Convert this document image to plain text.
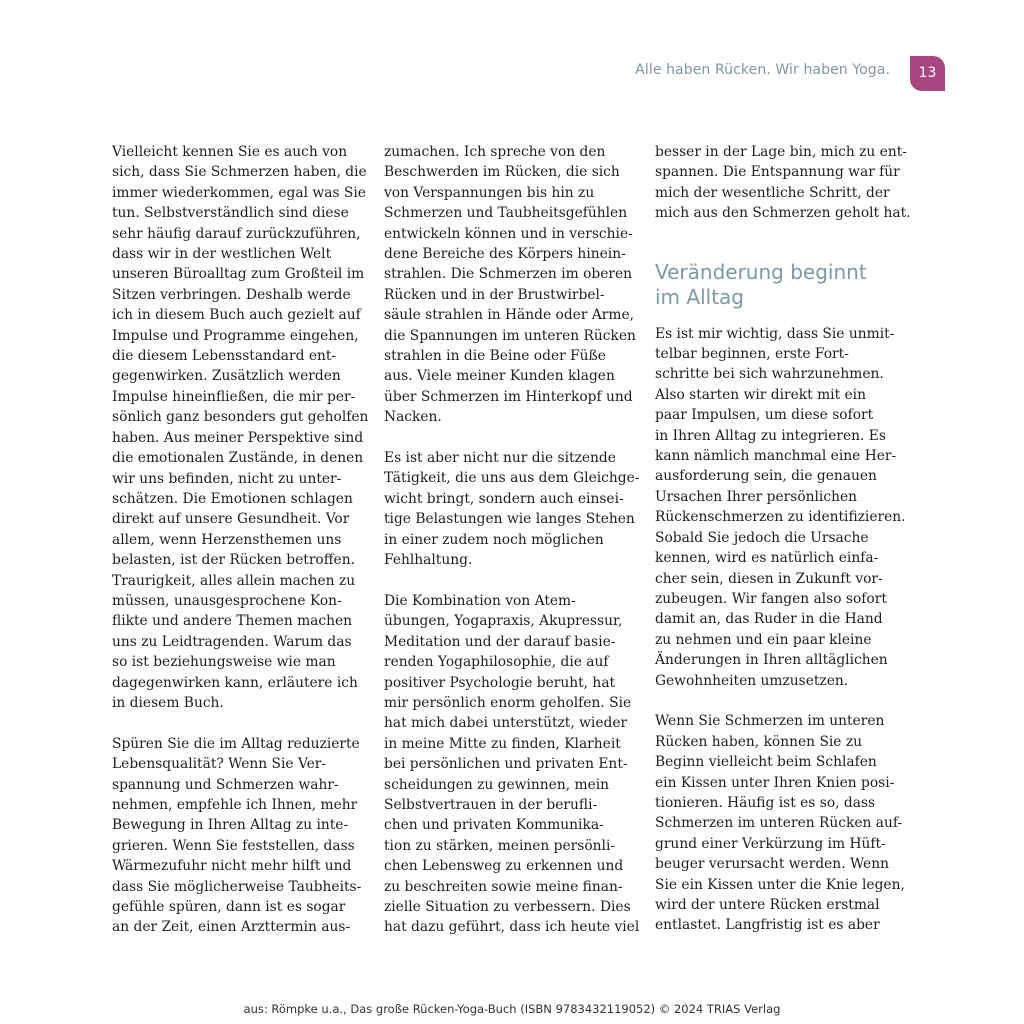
Alle haben Rücken. Wir haben Yoga.	13
Vielleicht kennen Sie es auch von
sich, dass Sie Schmerzen haben, die
immer wiederkommen, egal was Sie
tun. Selbstverständlich sind diese
sehr häufig darauf zurückzuführen,
dass wir in der westlichen Welt
unseren Büroalltag zum Großteil im
Sitzen verbringen. Deshalb werde
ich in diesem Buch auch gezielt auf
Impulse und Programme eingehen,
die diesem Lebensstandard ent-
gegenwirken. Zusätzlich werden
Impulse hineinfließen, die mir per-
sönlich ganz besonders gut geholfen
haben. Aus meiner Perspektive sind
die emotionalen Zustände, in denen
wir uns befinden, nicht zu unter-
schätzen. Die Emotionen schlagen
direkt auf unsere Gesundheit. Vor
allem, wenn Herzensthemen uns
belasten, ist der Rücken betroffen.
Traurigkeit, alles allein machen zu
müssen, unausgesprochene Kon-
flikte und andere Themen machen
uns zu Leidtragenden. Warum das
so ist beziehungsweise wie man
dagegenwirken kann, erläutere ich
in diesem Buch.
Spüren Sie die im Alltag reduzierte
Lebensqualität? Wenn Sie Ver-
spannung und Schmerzen wahr-
nehmen, empfehle ich Ihnen, mehr
Bewegung in Ihren Alltag zu inte-
grieren. Wenn Sie feststellen, dass
Wärmezufuhr nicht mehr hilft und
dass Sie möglicherweise Taubheits-
gefühle spüren, dann ist es sogar
an der Zeit, einen Arzttermin aus-
zumachen. Ich spreche von den
Beschwerden im Rücken, die sich
von Verspannungen bis hin zu
Schmerzen und Taubheitsgefühlen
entwickeln können und in verschie-
dene Bereiche des Körpers hinein-
strahlen. Die Schmerzen im oberen
Rücken und in der Brustwirbel-
säule strahlen in Hände oder Arme,
die Spannungen im unteren Rücken
strahlen in die Beine oder Füße
aus. Viele meiner Kunden klagen
über Schmerzen im Hinterkopf und
Nacken.
Es ist aber nicht nur die sitzende
Tätigkeit, die uns aus dem Gleichge-
wicht bringt, sondern auch einsei-
tige Belastungen wie langes Stehen
in einer zudem noch möglichen
Fehlhaltung.
Die Kombination von Atem-
übungen, Yogapraxis, Akupressur,
Meditation und der darauf basie-
renden Yogaphilosophie, die auf
positiver Psychologie beruht, hat
mir persönlich enorm geholfen. Sie
hat mich dabei unterstützt, wieder
in meine Mitte zu finden, Klarheit
bei persönlichen und privaten Ent-
scheidungen zu gewinnen, mein
Selbstvertrauen in der berufli-
chen und privaten Kommunika-
tion zu stärken, meinen persönli-
chen Lebensweg zu erkennen und
zu beschreiten sowie meine finan-
zielle Situation zu verbessern. Dies
hat dazu geführt, dass ich heute viel
besser in der Lage bin, mich zu ent-
spannen. Die Entspannung war für
mich der wesentliche Schritt, der
mich aus den Schmerzen geholt hat.
Veränderung beginnt
im Alltag
Es ist mir wichtig, dass Sie unmit-
telbar beginnen, erste Fort-
schritte bei sich wahrzunehmen.
Also starten wir direkt mit ein
paar Impulsen, um diese sofort
in Ihren Alltag zu integrieren. Es
kann nämlich manchmal eine Her-
ausforderung sein, die genauen
Ursachen Ihrer persönlichen
Rückenschmerzen zu identifizieren.
Sobald Sie jedoch die Ursache
kennen, wird es natürlich einfa-
cher sein, diesen in Zukunft vor-
zubeugen. Wir fangen also sofort
damit an, das Ruder in die Hand
zu nehmen und ein paar kleine
Änderungen in Ihren alltäglichen
Gewohnheiten umzusetzen.
Wenn Sie Schmerzen im unteren
Rücken haben, können Sie zu
Beginn vielleicht beim Schlafen
ein Kissen unter Ihren Knien posi-
tionieren. Häufig ist es so, dass
Schmerzen im unteren Rücken auf-
grund einer Verkürzung im Hüft-
beuger verursacht werden. Wenn
Sie ein Kissen unter die Knie legen,
wird der untere Rücken erstmal
entlastet. Langfristig ist es aber
aus: Römpke u.a., Das große Rücken-Yoga-Buch (ISBN 9783432119052) © 2024 TRIAS Verlag
